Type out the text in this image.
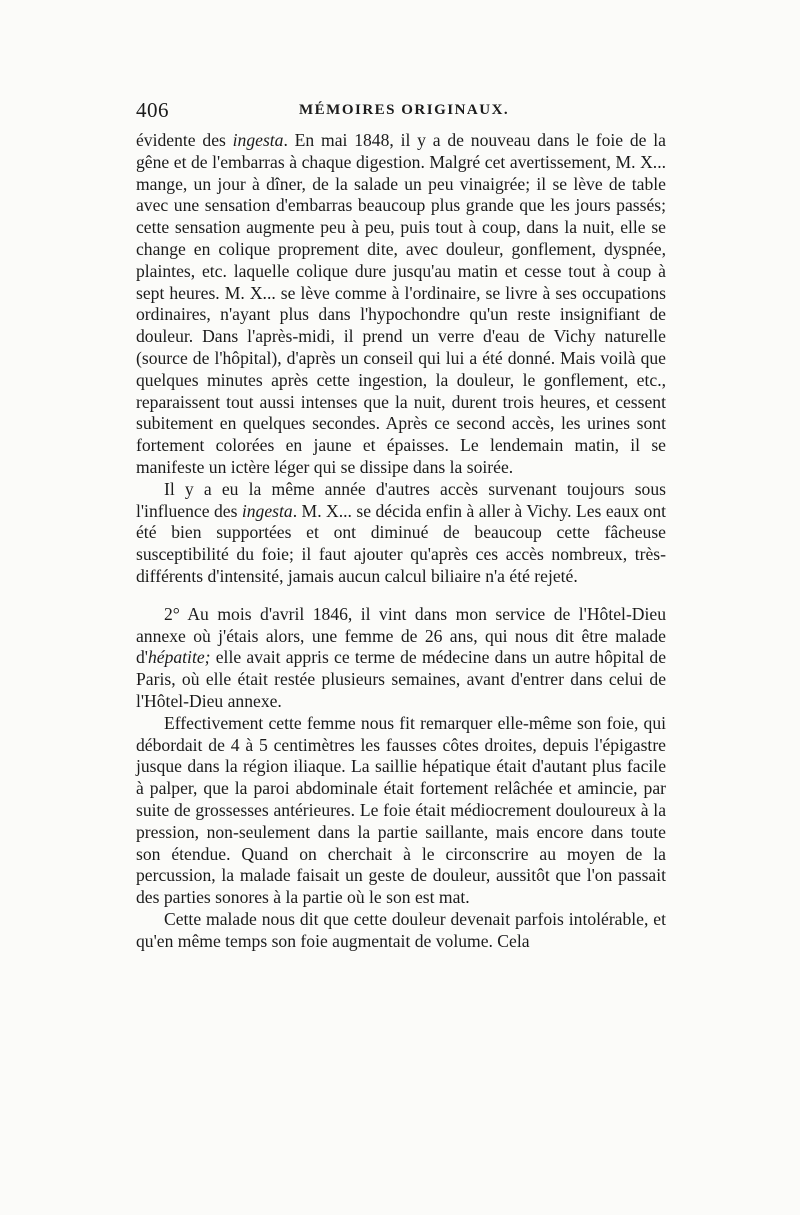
406	MÉMOIRES ORIGINAUX.

évidente des ingesta. En mai 1848, il y a de nouveau dans le foie de la gêne et de l'embarras à chaque digestion. Malgré cet avertissement, M. X... mange, un jour à dîner, de la salade un peu vinaigrée; il se lève de table avec une sensation d'embarras beaucoup plus grande que les jours passés; cette sensation augmente peu à peu, puis tout à coup, dans la nuit, elle se change en colique proprement dite, avec douleur, gonflement, dyspnée, plaintes, etc. laquelle colique dure jusqu'au matin et cesse tout à coup à sept heures. M. X... se lève comme à l'ordinaire, se livre à ses occupations ordinaires, n'ayant plus dans l'hypochondre qu'un reste insignifiant de douleur. Dans l'après-midi, il prend un verre d'eau de Vichy naturelle (source de l'hôpital), d'après un conseil qui lui a été donné. Mais voilà que quelques minutes après cette ingestion, la douleur, le gonflement, etc., reparaissent tout aussi intenses que la nuit, durent trois heures, et cessent subitement en quelques secondes. Après ce second accès, les urines sont fortement colorées en jaune et épaisses. Le lendemain matin, il se manifeste un ictère léger qui se dissipe dans la soirée.

Il y a eu la même année d'autres accès survenant toujours sous l'influence des ingesta. M. X... se décida enfin à aller à Vichy. Les eaux ont été bien supportées et ont diminué de beaucoup cette fâcheuse susceptibilité du foie; il faut ajouter qu'après ces accès nombreux, très-différents d'intensité, jamais aucun calcul biliaire n'a été rejeté.

2° Au mois d'avril 1846, il vint dans mon service de l'Hôtel-Dieu annexe où j'étais alors, une femme de 26 ans, qui nous dit être malade d'hépatite; elle avait appris ce terme de médecine dans un autre hôpital de Paris, où elle était restée plusieurs semaines, avant d'entrer dans celui de l'Hôtel-Dieu annexe.

Effectivement cette femme nous fit remarquer elle-même son foie, qui débordait de 4 à 5 centimètres les fausses côtes droites, depuis l'épigastre jusque dans la région iliaque. La saillie hépatique était d'autant plus facile à palper, que la paroi abdominale était fortement relâchée et amincie, par suite de grossesses antérieures. Le foie était médiocrement douloureux à la pression, non-seulement dans la partie saillante, mais encore dans toute son étendue. Quand on cherchait à le circonscrire au moyen de la percussion, la malade faisait un geste de douleur, aussitôt que l'on passait des parties sonores à la partie où le son est mat.

Cette malade nous dit que cette douleur devenait parfois intolérable, et qu'en même temps son foie augmentait de volume. Cela
